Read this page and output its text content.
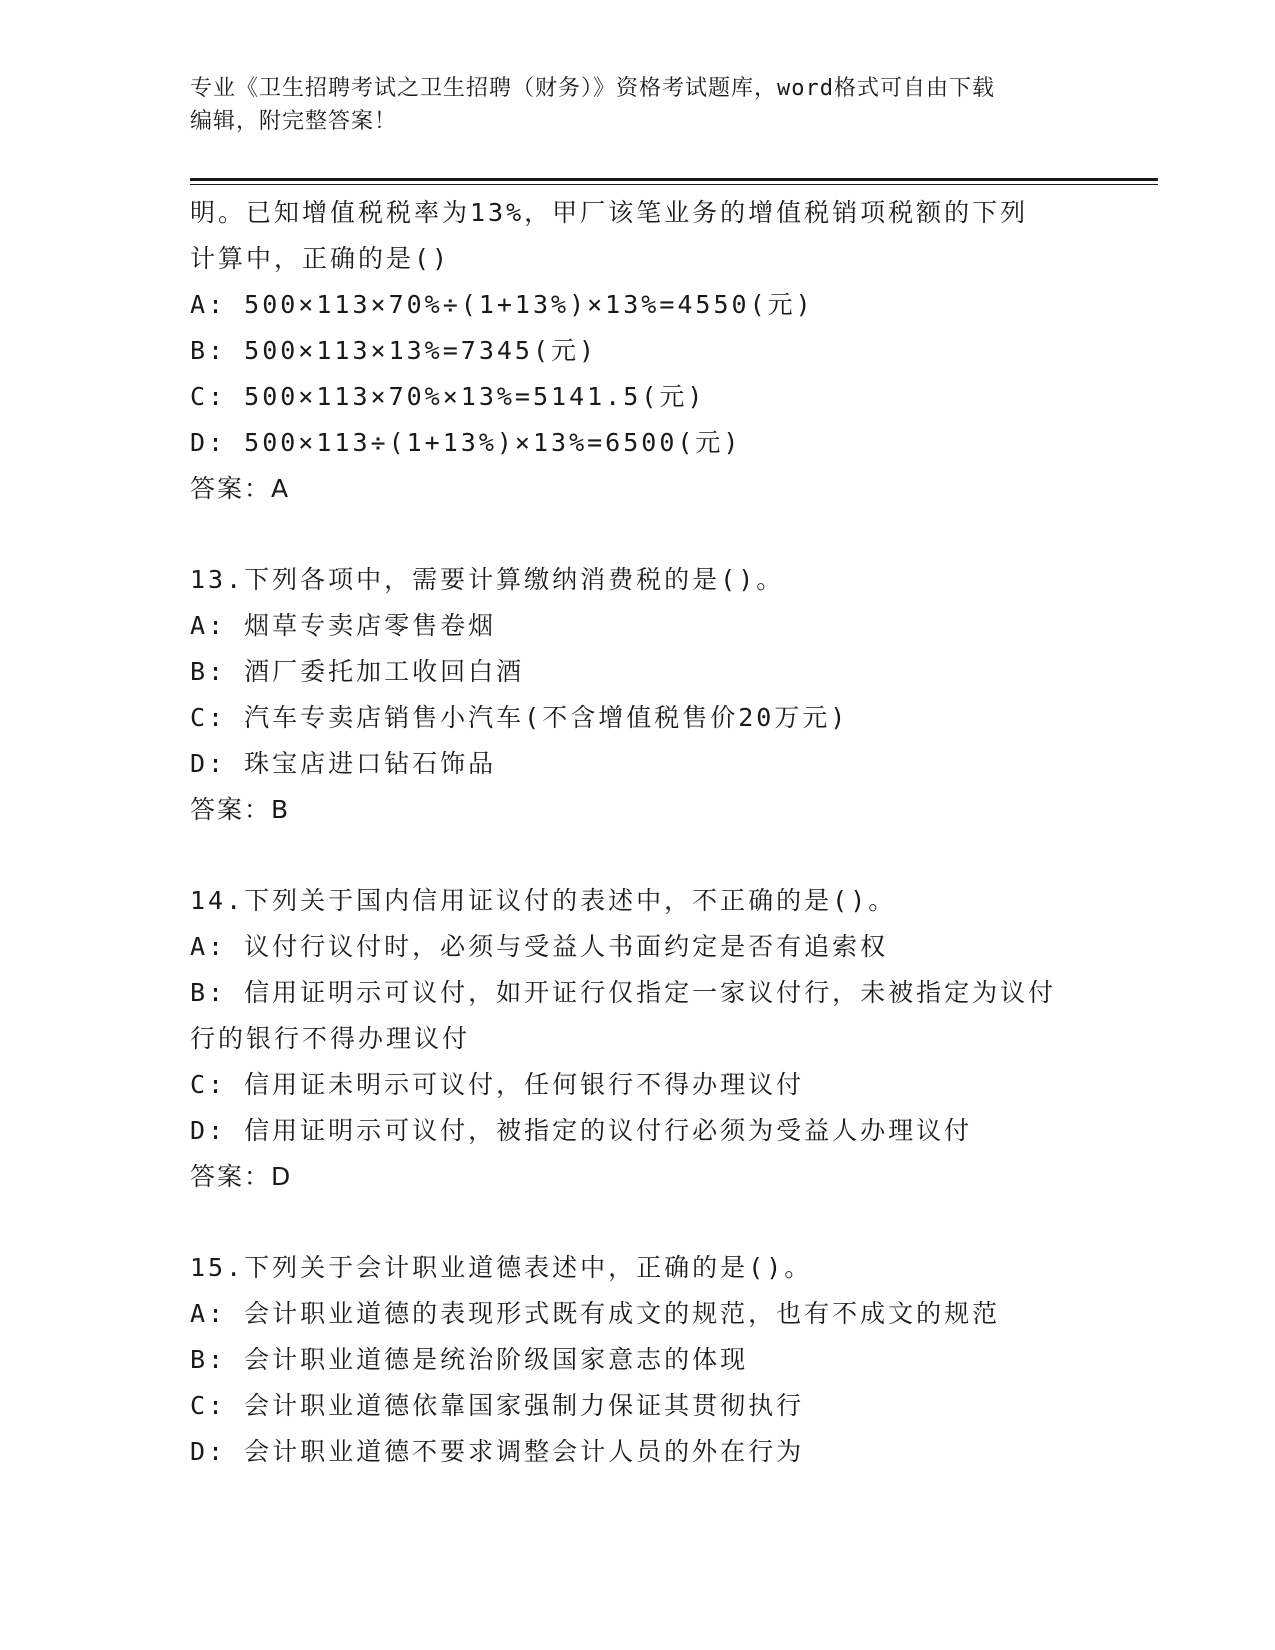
专业《卫生招聘考试之卫生招聘（财务）》资格考试题库，word格式可自由下载
编辑，附完整答案！
明。已知增值税税率为13%，甲厂该笔业务的增值税销项税额的下列
计算中，正确的是()
A: 500×113×70%÷(1+13%)×13%=4550(元)
B: 500×113×13%=7345(元)
C: 500×113×70%×13%=5141.5(元)
D: 500×113÷(1+13%)×13%=6500(元)
答案：A
13.下列各项中，需要计算缴纳消费税的是()。
A: 烟草专卖店零售卷烟
B: 酒厂委托加工收回白酒
C: 汽车专卖店销售小汽车(不含增值税售价20万元)
D: 珠宝店进口钻石饰品
答案：B
14.下列关于国内信用证议付的表述中，不正确的是()。
A: 议付行议付时，必须与受益人书面约定是否有追索权
B: 信用证明示可议付，如开证行仅指定一家议付行，未被指定为议付
行的银行不得办理议付
C: 信用证未明示可议付，任何银行不得办理议付
D: 信用证明示可议付，被指定的议付行必须为受益人办理议付
答案：D
15.下列关于会计职业道德表述中，正确的是()。
A: 会计职业道德的表现形式既有成文的规范，也有不成文的规范
B: 会计职业道德是统治阶级国家意志的体现
C: 会计职业道德依靠国家强制力保证其贯彻执行
D: 会计职业道德不要求调整会计人员的外在行为
